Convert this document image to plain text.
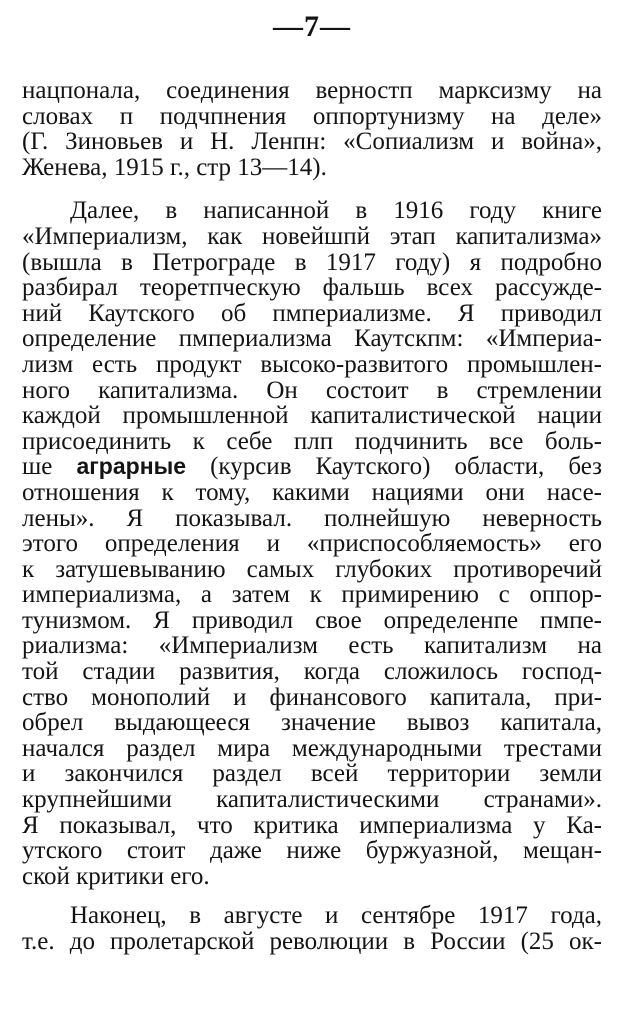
—7—
нацпонала, соединения верностп марксизму на
словах п подчпнения оппортунизму на деле»
(Г. Зиновьев и Н. Ленпн: «Сопиализм и война»,
Женева, 1915 г., стр 13—14).
Далее, в написанной в 1916 году книге
«Империализм, как новейшпй этап капитализма»
(вышла в Петрограде в 1917 году) я подробно
разбирал теоретпческую фальшь всех рассужде-
ний Каутского об пмпериализме. Я приводил
определение пмпериализма Каутскпм: «Империа-
лизм есть продукт высоко-развитого промышлен-
ного капитализма. Он состоит в стремлении
каждой промышленной капиталистической нации
присоединить к себе плп подчинить все боль-
ше аграрные (курсив Каутского) области, без
отношения к тому, какими нациями они насе-
лены». Я показывал. полнейшую неверность
этого определения и «приспособляемость» его
к затушевыванию самых глубоких противоречий
империализма, а затем к примирению с оппор-
тунизмом. Я приводил свое определенпе пмпе-
риализма: «Империализм есть капитализм на
той стадии развития, когда сложилось господ-
ство монополий и финансового капитала, при-
обрел выдающееся значение вывоз капитала,
начался раздел мира международными трестами
и закончился раздел всей территории земли
крупнейшими капиталистическими странами».
Я показывал, что критика империализма у Ка-
утского стоит даже ниже буржуазной, мещан-
ской критики его.
Наконец, в августе и сентябре 1917 года,
т.е. до пролетарской революции в России (25 ок-
